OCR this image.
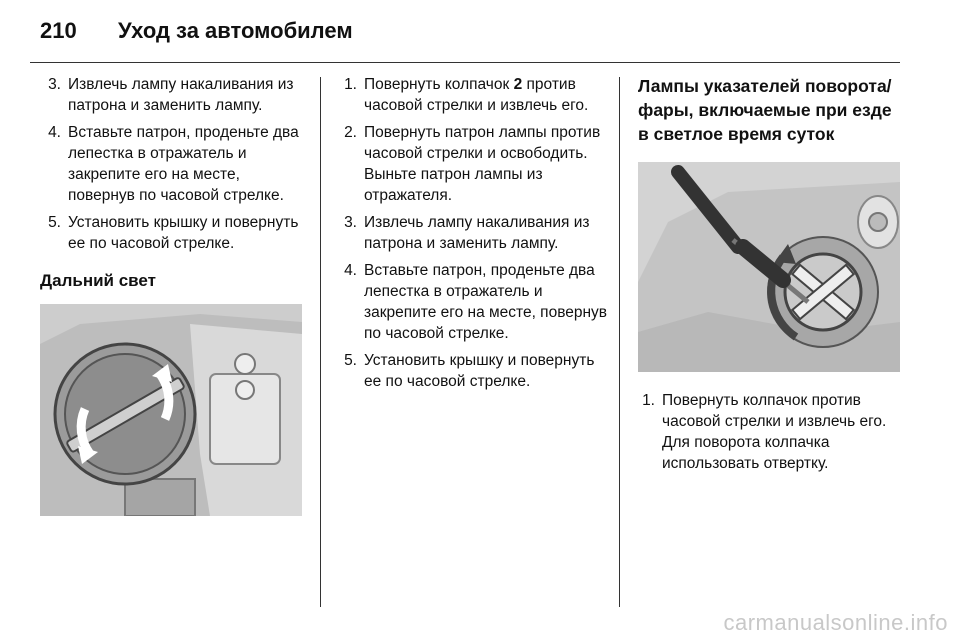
210	Уход за автомобилем
3. Извлечь лампу накаливания из патрона и заменить лампу.
4. Вставьте патрон, проденьте два лепестка в отражатель и закрепите его на месте, повернув по часовой стрелке.
5. Установить крышку и повернуть ее по часовой стрелке.
Дальний свет
1. Повернуть колпачок 2 против часовой стрелки и извлечь его.
2. Повернуть патрон лампы против часовой стрелки и освободить. Выньте патрон лампы из отражателя.
3. Извлечь лампу накаливания из патрона и заменить лампу.
4. Вставьте патрон, проденьте два лепестка в отражатель и закрепите его на месте, повернув по часовой стрелке.
5. Установить крышку и повернуть ее по часовой стрелке.
Лампы указателей поворота/ фары, включаемые при езде в светлое время суток
1. Повернуть колпачок против часовой стрелки и извлечь его. Для поворота колпачка использовать отвертку.
carmanualsonline.info
